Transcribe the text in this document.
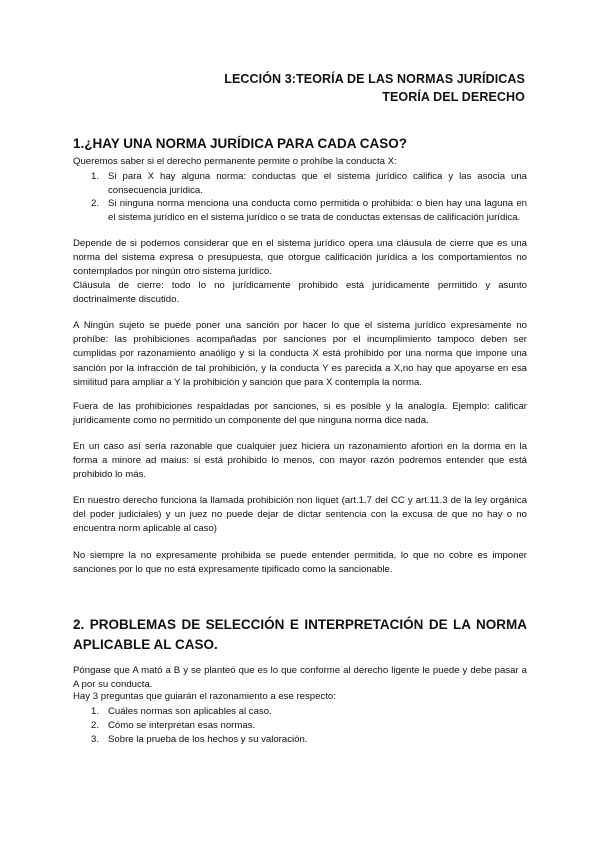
LECCIÓN 3:TEORÍA DE LAS NORMAS JURÍDICAS
TEORÍA DEL DERECHO
1.¿HAY UNA NORMA JURÍDICA PARA CADA CASO?

Queremos saber si el derecho permanente permite o prohíbe la conducta X:

1. Si para X hay alguna norma: conductas que el sistema jurídico califica y las asocia una consecuencia jurídica.
2. Si ninguna norma menciona una conducta como permitida o prohibida: o bien hay una laguna en el sistema jurídico en el sistema jurídico o se trata de conductas extensas de calificación jurídica.

Depende de si podemos considerar que en el sistema jurídico opera una cláusula de cierre que es una norma del sistema expresa o presupuesta, que otorgue calificación jurídica a los comportamientos no contemplados por ningún otro sistema jurídico.

Cláusula de cierre: todo lo no jurídicamente prohibido está jurídicamente permitido y asunto doctrinalmente discutido.

A Ningún sujeto se puede poner una sanción por hacer lo que el sistema jurídico expresamente no prohíbe: las prohibiciones acompañadas por sanciones por el incumplimiento tampoco deben ser cumplidas por razonamiento anaóligo y si la conducta X está prohibido por una norma que impone una sanción por la infracción de tal prohibición, y la conducta Y es parecida a X,no hay que apoyarse en esa similitud para ampliar a Y la prohibición y sanción que para X contempla la norma.

Fuera de las prohibiciones respaldadas por sanciones, si es posible y la analogía. Ejemplo: calificar jurídicamente como no permitido un componente del que ninguna norma dice nada.

En un caso así sería razonable que cualquier juez hiciera un razonamiento afortiori en la dorma en la forma a minore ad maius: si está prohibido lo menos, con mayor razón podremos entender que está prohibido lo más.

En nuestro derecho funciona la llamada prohibición non liquet (art.1.7 del CC y art.11.3 de la ley orgánica del poder judiciales) y un juez no puede dejar de dictar sentencia con la excusa de que no hay o no encuentra norm aplicable al caso)

No siempre la no expresamente prohibida se puede entender permitida, lo que no cobre es imponer sanciones por lo que no está expresamente tipificado como la sancionable.

2. PROBLEMAS DE SELECCIÓN E INTERPRETACIÓN DE LA NORMA APLICABLE AL CASO.

Póngase que A mató a B y se planteó que es lo que conforme al derecho ligente le puede y debe pasar a A por su conducta.

Hay 3 preguntas que guiarán el razonamiento a ese respecto:

1. Cuáles normas son aplicables al caso.
2. Cómo se interpretan esas normas.
3. Sobre la prueba de los hechos y su valoración.
